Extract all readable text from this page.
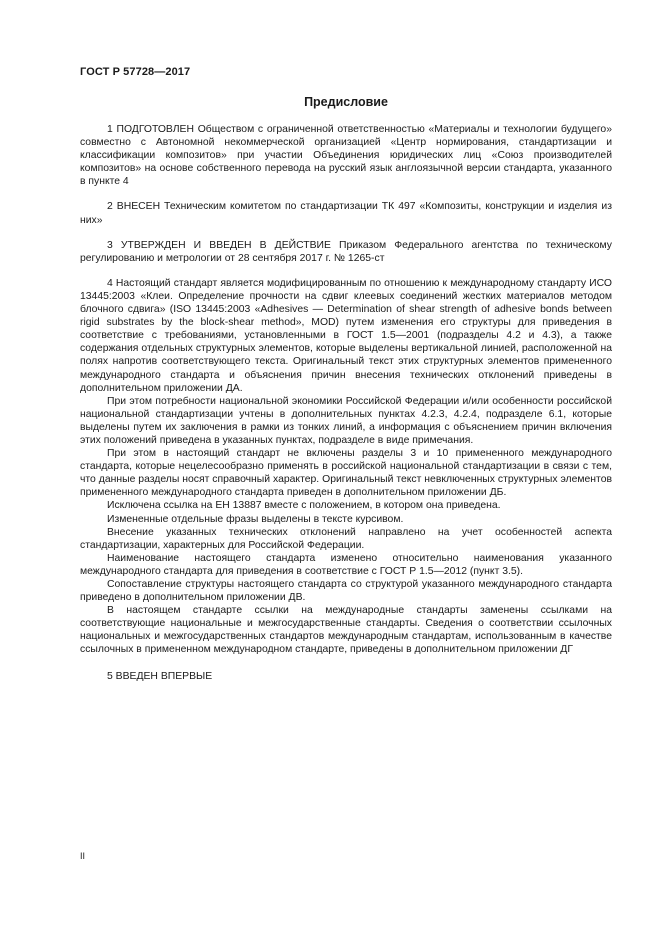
ГОСТ Р 57728—2017
Предисловие

1 ПОДГОТОВЛЕН Обществом с ограниченной ответственностью «Материалы и технологии будущего» совместно с Автономной некоммерческой организацией «Центр нормирования, стандартизации и классификации композитов» при участии Объединения юридических лиц «Союз производителей композитов» на основе собственного перевода на русский язык англоязычной версии стандарта, указанного в пункте 4

2 ВНЕСЕН Техническим комитетом по стандартизации ТК 497 «Композиты, конструкции и изделия из них»

3 УТВЕРЖДЕН И ВВЕДЕН В ДЕЙСТВИЕ Приказом Федерального агентства по техническому регулированию и метрологии от 28 сентября 2017 г. № 1265-ст

4 Настоящий стандарт является модифицированным по отношению к международному стандарту ИСО 13445:2003 «Клеи. Определение прочности на сдвиг клеевых соединений жестких материалов методом блочного сдвига» (ISO 13445:2003 «Adhesives — Determination of shear strength of adhesive bonds between rigid substrates by the block-shear method», MOD) путем изменения его структуры для приведения в соответствие с требованиями, установленными в ГОСТ 1.5—2001 (подразделы 4.2 и 4.3), а также содержания отдельных структурных элементов, которые выделены вертикальной линией, расположенной на полях напротив соответствующего текста. Оригинальный текст этих структурных элементов примененного международного стандарта и объяснения причин внесения технических отклонений приведены в дополнительном приложении ДА.

При этом потребности национальной экономики Российской Федерации и/или особенности российской национальной стандартизации учтены в дополнительных пунктах 4.2.3, 4.2.4, подразделе 6.1, которые выделены путем их заключения в рамки из тонких линий, а информация с объяснением причин включения этих положений приведена в указанных пунктах, подразделе в виде примечания.

При этом в настоящий стандарт не включены разделы 3 и 10 примененного международного стандарта, которые нецелесообразно применять в российской национальной стандартизации в связи с тем, что данные разделы носят справочный характер. Оригинальный текст невключенных структурных элементов примененного международного стандарта приведен в дополнительном приложении ДБ.

Исключена ссылка на ЕН 13887 вместе с положением, в котором она приведена.

Измененные отдельные фразы выделены в тексте курсивом.

Внесение указанных технических отклонений направлено на учет особенностей аспекта стандартизации, характерных для Российской Федерации.

Наименование настоящего стандарта изменено относительно наименования указанного международного стандарта для приведения в соответствие с ГОСТ Р 1.5—2012 (пункт 3.5).

Сопоставление структуры настоящего стандарта со структурой указанного международного стандарта приведено в дополнительном приложении ДВ.

В настоящем стандарте ссылки на международные стандарты заменены ссылками на соответствующие национальные и межгосударственные стандарты. Сведения о соответствии ссылочных национальных и межгосударственных стандартов международным стандартам, использованным в качестве ссылочных в примененном международном стандарте, приведены в дополнительном приложении ДГ

5 ВВЕДЕН ВПЕРВЫЕ

II
